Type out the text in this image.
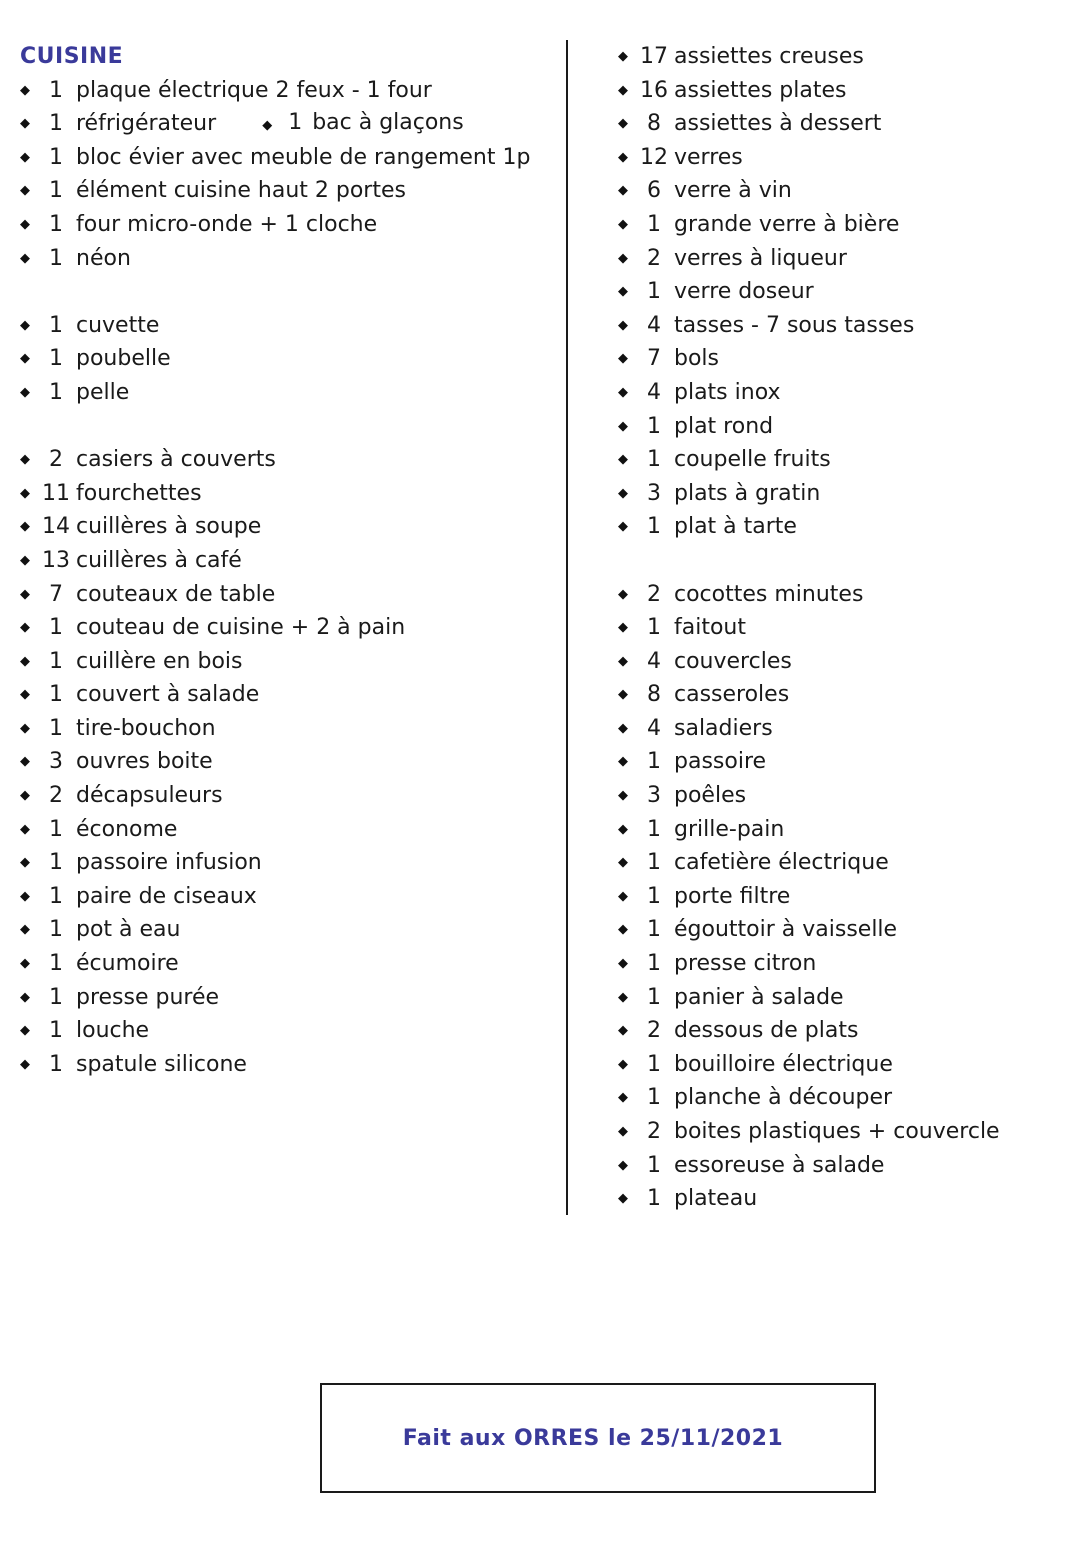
CUISINE
◆ 1 plaque électrique 2 feux - 1 four
◆ 1 réfrigérateur	◆ 1 bac à glaçons
◆ 1 bloc évier avec meuble de rangement 1p
◆ 1 élément cuisine haut 2 portes
◆ 1 four micro-onde + 1 cloche
◆ 1 néon
◆ 1 cuvette
◆ 1 poubelle
◆ 1 pelle
◆ 2 casiers à couverts
◆ 11 fourchettes
◆ 14 cuillères à soupe
◆ 13 cuillères à café
◆ 7 couteaux de table
◆ 1 couteau de cuisine + 2 à pain
◆ 1 cuillère en bois
◆ 1 couvert à salade
◆ 1 tire-bouchon
◆ 3 ouvres boite
◆ 2 décapsuleurs
◆ 1 économe
◆ 1 passoire infusion
◆ 1 paire de ciseaux
◆ 1 pot à eau
◆ 1 écumoire
◆ 1 presse purée
◆ 1 louche
◆ 1 spatule silicone
◆ 17 assiettes creuses
◆ 16 assiettes plates
◆ 8 assiettes à dessert
◆ 12 verres
◆ 6 verre à vin
◆ 1 grande verre à bière
◆ 2 verres à liqueur
◆ 1 verre doseur
◆ 4 tasses - 7 sous tasses
◆ 7 bols
◆ 4 plats inox
◆ 1 plat rond
◆ 1 coupelle fruits
◆ 3 plats à gratin
◆ 1 plat à tarte
◆ 2 cocottes minutes
◆ 1 faitout
◆ 4 couvercles
◆ 8 casseroles
◆ 4 saladiers
◆ 1 passoire
◆ 3 poêles
◆ 1 grille-pain
◆ 1 cafetière électrique
◆ 1 porte filtre
◆ 1 égouttoir à vaisselle
◆ 1 presse citron
◆ 1 panier à salade
◆ 2 dessous de plats
◆ 1 bouilloire électrique
◆ 1 planche à découper
◆ 2 boites plastiques + couvercle
◆ 1 essoreuse à salade
◆ 1 plateau
Fait aux ORRES le 25/11/2021
